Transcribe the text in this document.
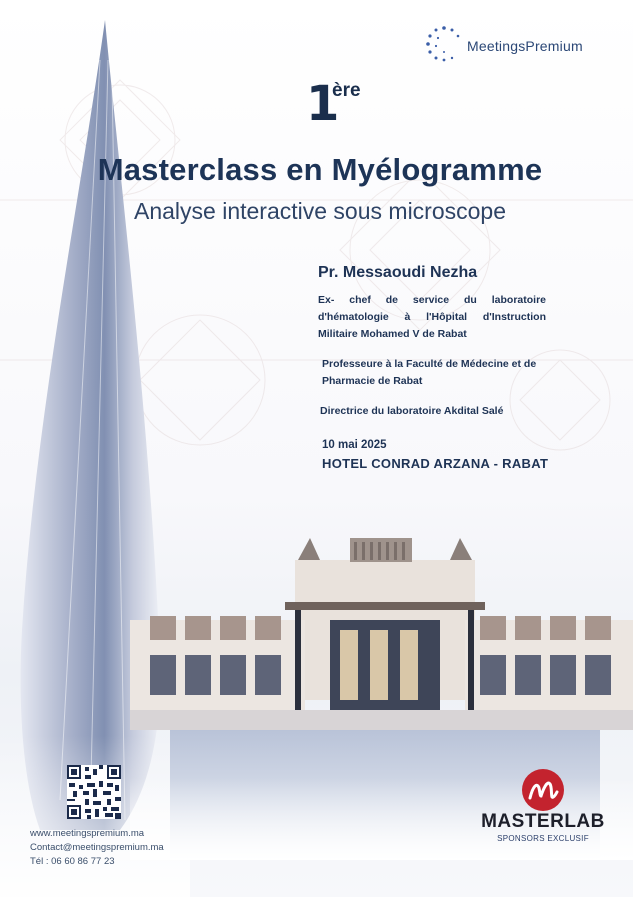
MeetingsPremium
1
ère
Masterclass en Myélogramme
Analyse interactive sous microscope
Pr. Messaoudi Nezha
Ex- chef de service du laboratoire d'hématologie à l'Hôpital d'Instruction Militaire Mohamed V de Rabat
Professeure à la Faculté de Médecine et de Pharmacie de Rabat
Directrice du laboratoire Akdital Salé
10 mai 2025
HOTEL CONRAD ARZANA - RABAT
www.meetingspremium.ma
Contact@meetingspremium.ma
Tél : 06 60 86 77 23
MASTERLAB
SPONSORS EXCLUSIF
